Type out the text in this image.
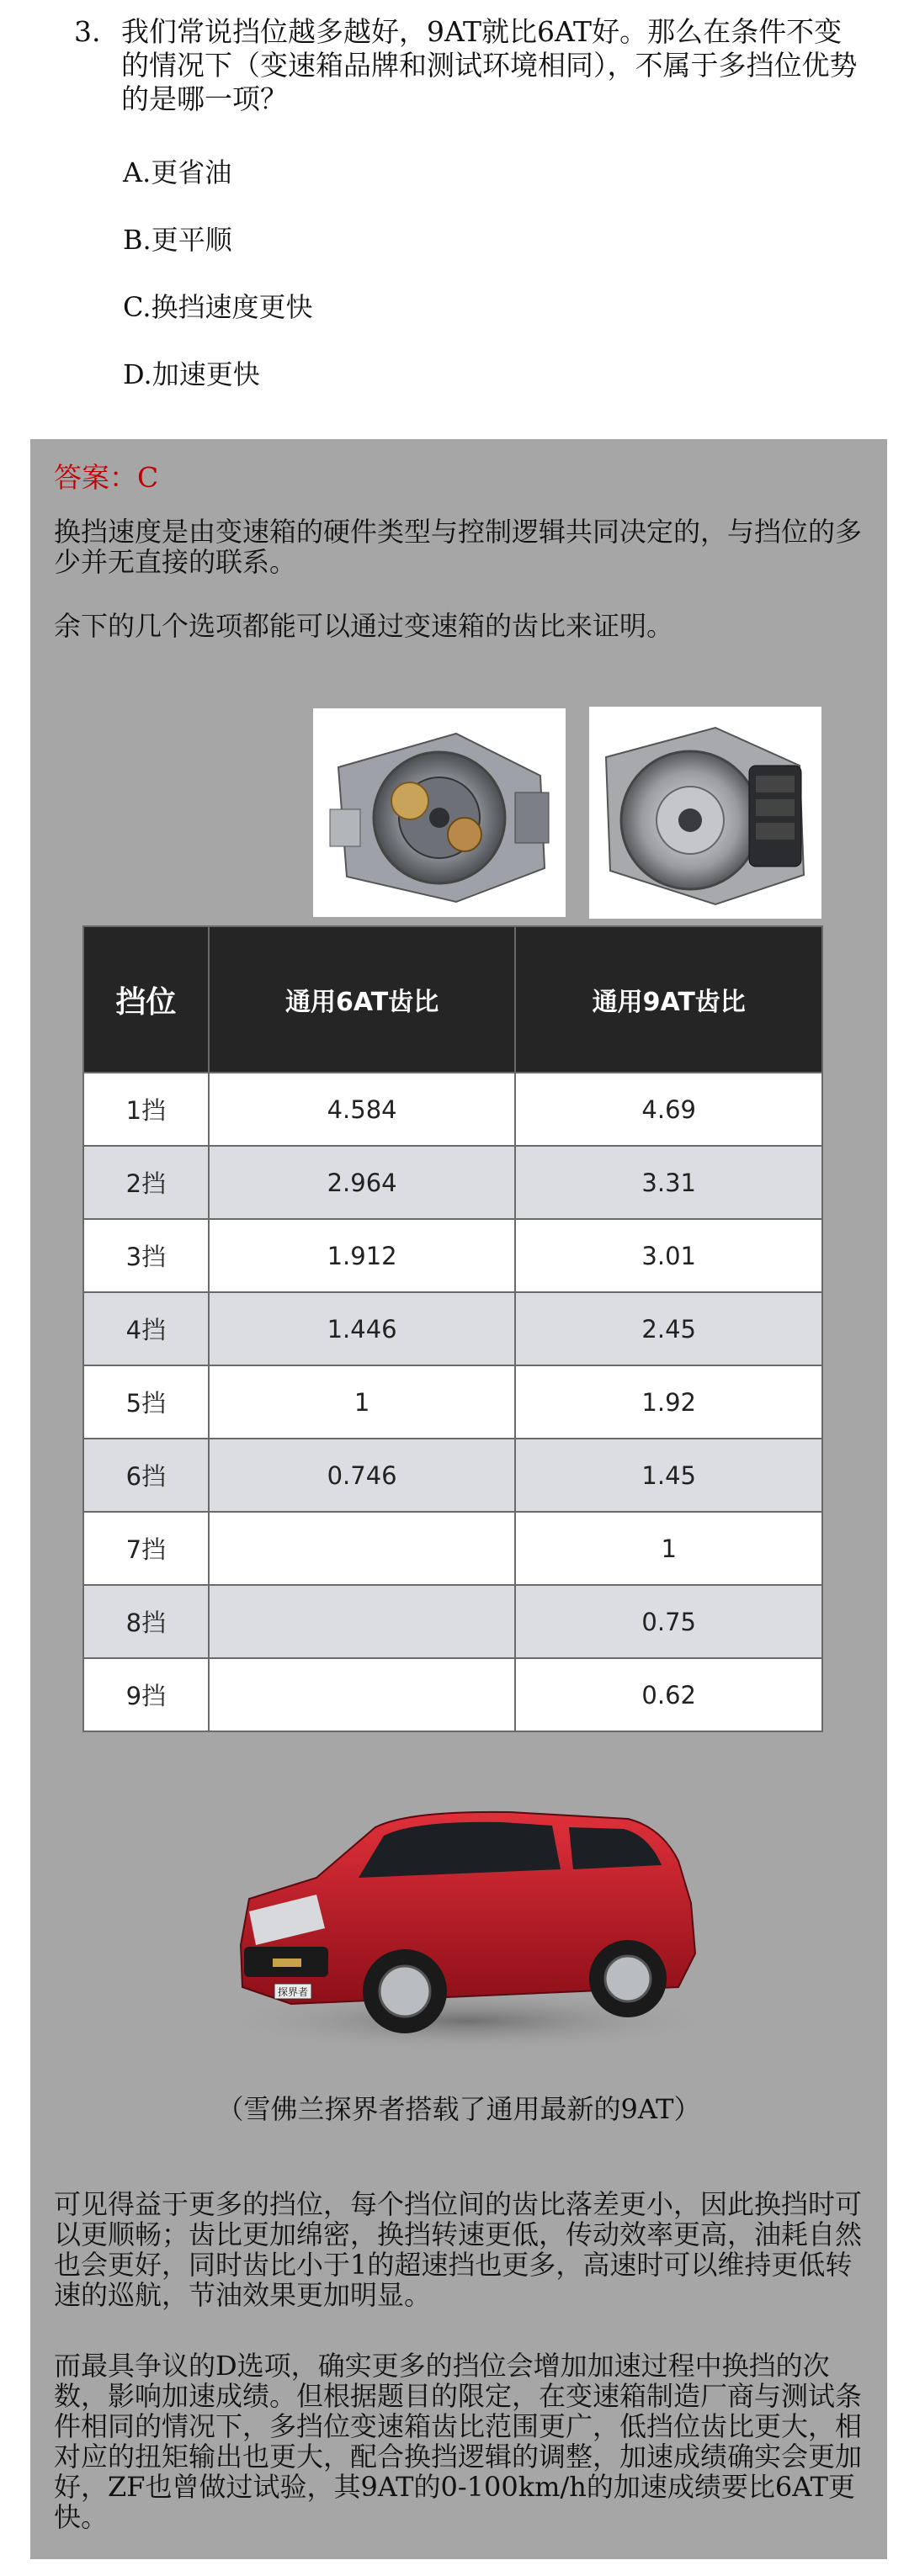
3. 我们常说挡位越多越好，9AT就比6AT好。那么在条件不变的情况下（变速箱品牌和测试环境相同），不属于多挡位优势的是哪一项？
A.更省油
B.更平顺
C.换挡速度更快
D.加速更快
答案：C
换挡速度是由变速箱的硬件类型与控制逻辑共同决定的，与挡位的多少并无直接的联系。
余下的几个选项都能可以通过变速箱的齿比来证明。
挡位	通用6AT齿比	通用9AT齿比
1挡	4.584	4.69
2挡	2.964	3.31
3挡	1.912	3.01
4挡	1.446	2.45
5挡	1	1.92
6挡	0.746	1.45
7挡		1
8挡		0.75
9挡		0.62
探界者
（雪佛兰探界者搭载了通用最新的9AT）
可见得益于更多的挡位，每个挡位间的齿比落差更小，因此换挡时可以更顺畅；齿比更加绵密，换挡转速更低，传动效率更高，油耗自然也会更好，同时齿比小于1的超速挡也更多，高速时可以维持更低转速的巡航，节油效果更加明显。
而最具争议的D选项，确实更多的挡位会增加加速过程中换挡的次数，影响加速成绩。但根据题目的限定，在变速箱制造厂商与测试条件相同的情况下，多挡位变速箱齿比范围更广，低挡位齿比更大，相对应的扭矩输出也更大，配合换挡逻辑的调整，加速成绩确实会更加好，ZF也曾做过试验，其9AT的0-100km/h的加速成绩要比6AT更快。
